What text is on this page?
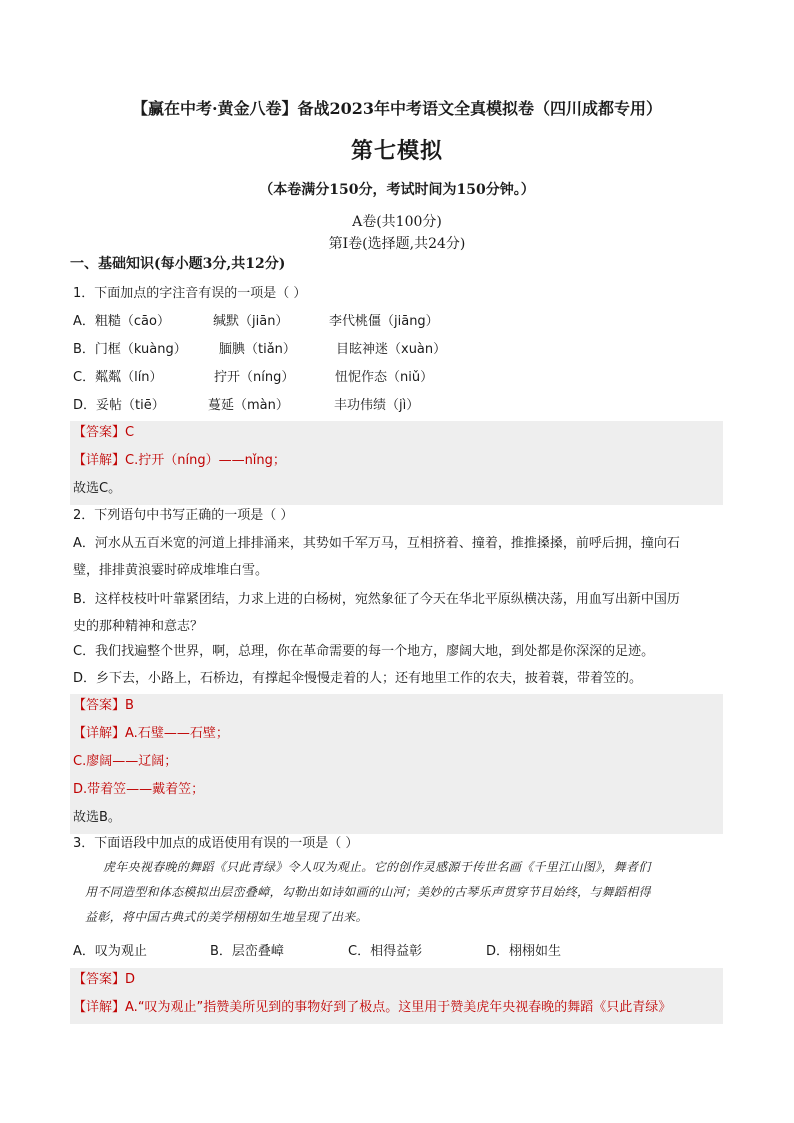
【赢在中考·黄金八卷】备战2023年中考语文全真模拟卷（四川成都专用）
第七模拟
（本卷满分150分，考试时间为150分钟。）
A卷(共100分)
第Ⅰ卷(选择题,共24分)
一、基础知识(每小题3分,共12分)
1．下面加点的字注音有误的一项是（ ）
A．粗糙（cāo）	缄默（jiān）	李代桃僵（jiāng）
B．门框（kuàng） 腼腆（tiǎn）	目眩神迷（xuàn）
C．粼粼（lín）	拧开（níng）	忸怩作态（niǔ）
D．妥帖（tiē）	蔓延（màn）	丰功伟绩（jì）
【答案】C
【详解】C.拧开（níng）——nǐng；
故选C。
2．下列语句中书写正确的一项是（ ）
A．河水从五百米宽的河道上排排涌来，其势如千军万马，互相挤着、撞着，推推搡搡，前呼后拥，撞向石
璧，排排黄浪霎时碎成堆堆白雪。
B．这样枝枝叶叶靠紧团结，力求上进的白杨树，宛然象征了今天在华北平原纵横决荡，用血写出新中国历
史的那种精神和意志？
C．我们找遍整个世界，啊，总理，你在革命需要的每一个地方，廖阔大地，到处都是你深深的足迹。
D．乡下去，小路上，石桥边，有撑起伞慢慢走着的人；还有地里工作的农夫，披着蓑，带着笠的。
【答案】B
【详解】A.石璧——石壁；
C.廖阔——辽阔；
D.带着笠——戴着笠；
故选B。
3．下面语段中加点的成语使用有误的一项是（ ）
虎年央视春晚的舞蹈《只此青绿》令人叹为观止。它的创作灵感源于传世名画《千里江山图》，舞者们
用不同造型和体态模拟出层峦叠嶂，勾勒出如诗如画的山河；美妙的古琴乐声贯穿节目始终，与舞蹈相得
益彰，将中国古典式的美学栩栩如生地呈现了出来。
A．叹为观止	B．层峦叠嶂	C．相得益彰	D．栩栩如生
【答案】D
【详解】A.“叹为观止”指赞美所见到的事物好到了极点。这里用于赞美虎年央视春晚的舞蹈《只此青绿》
